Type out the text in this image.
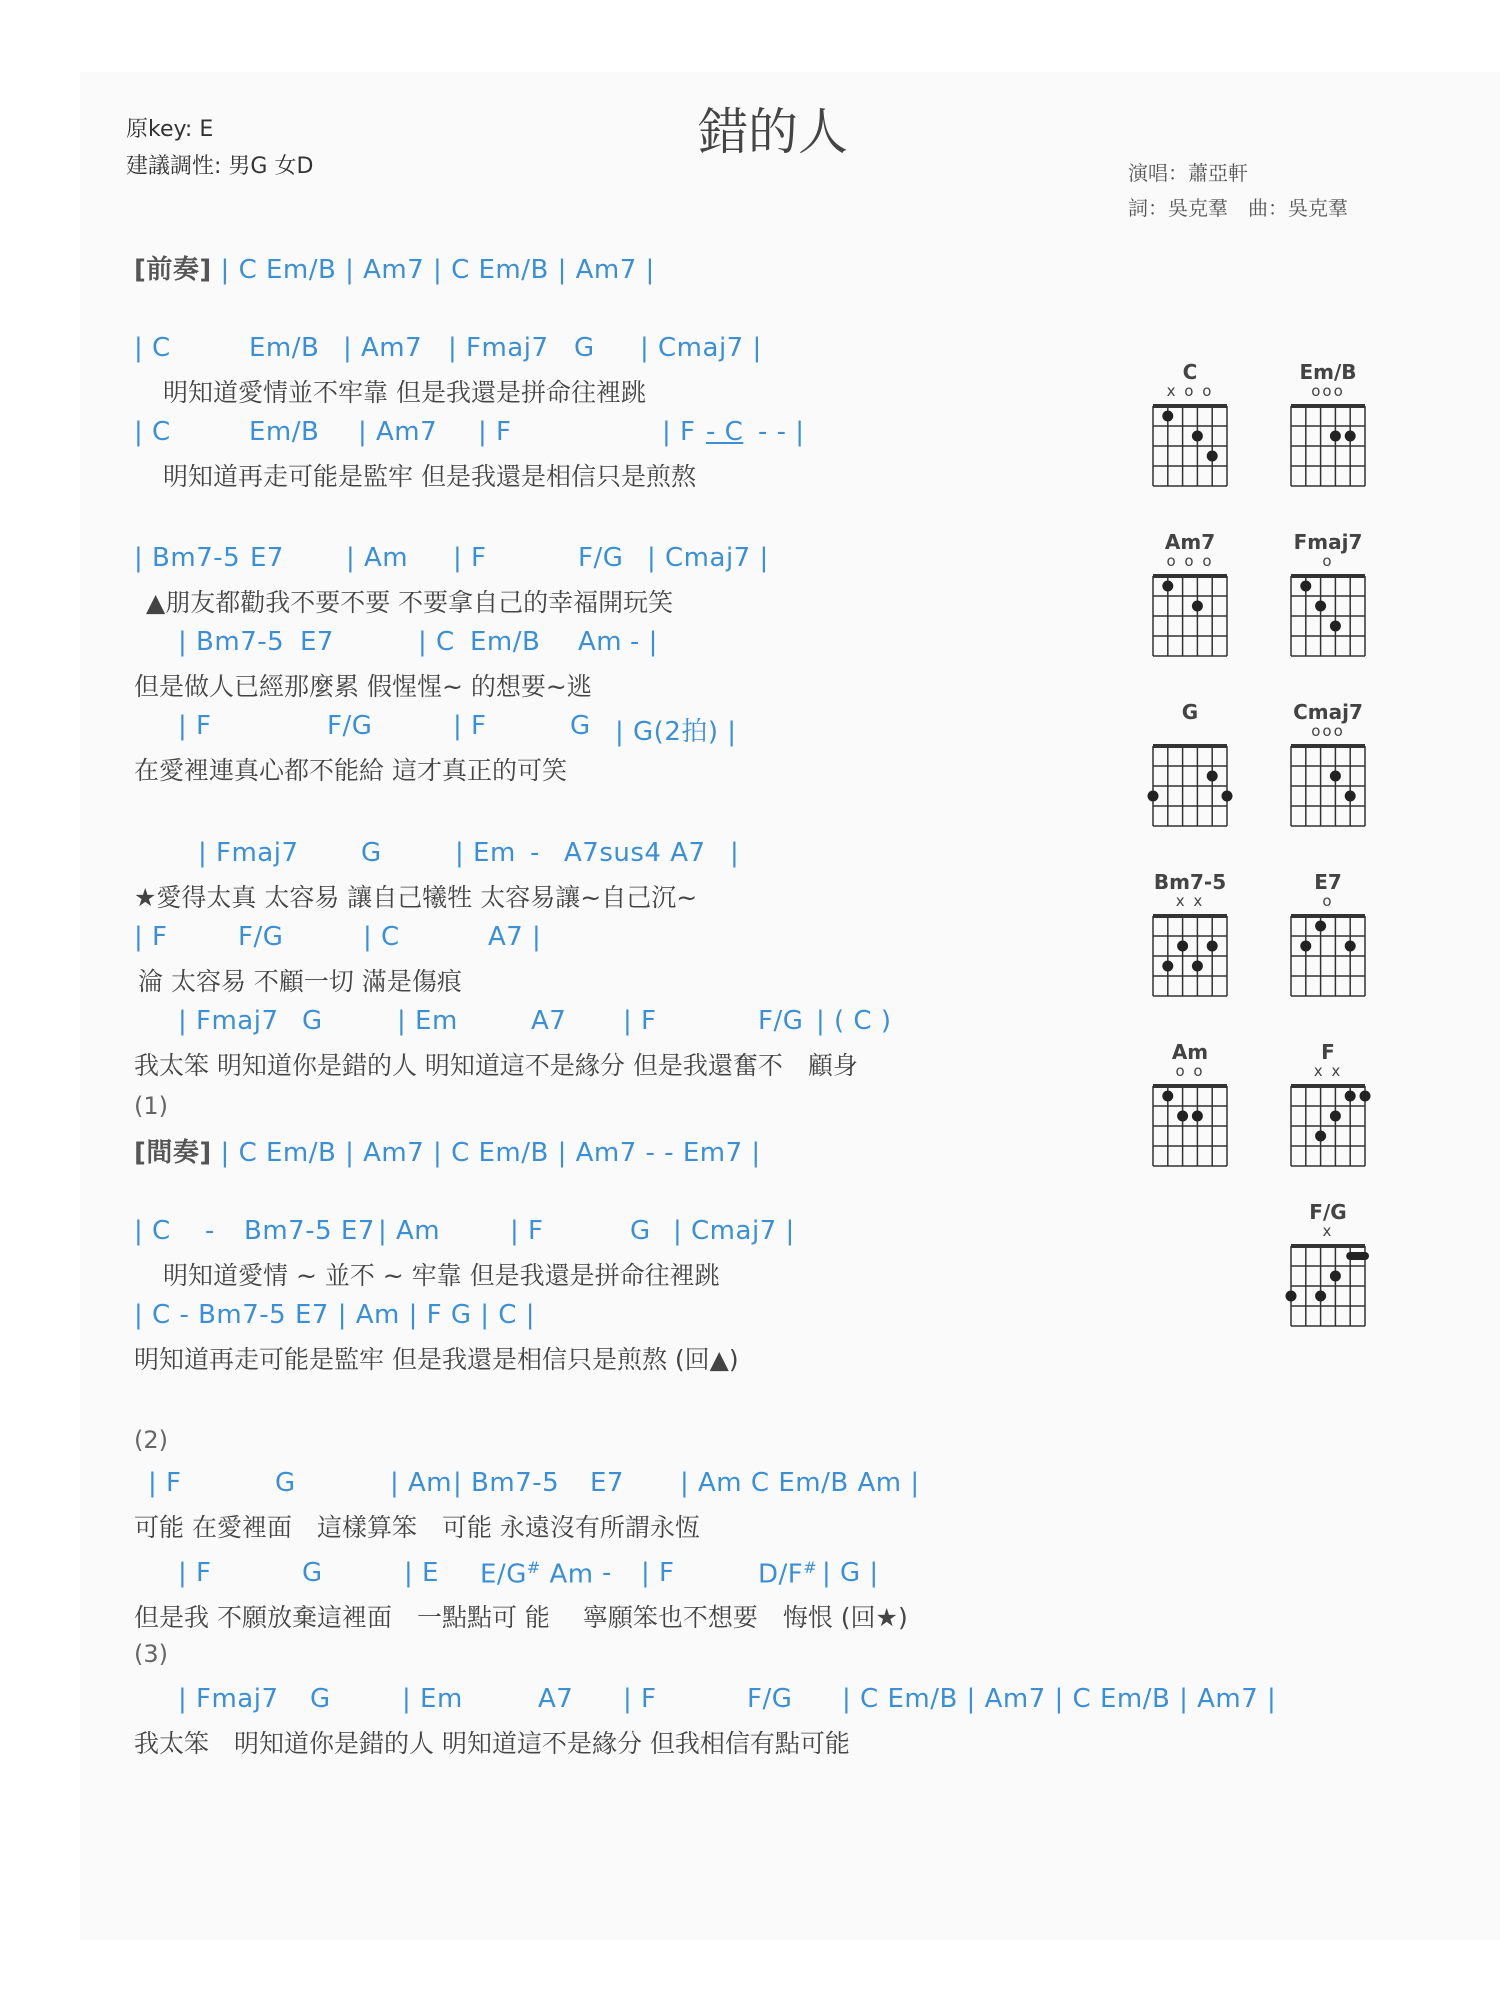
原key: E
建議調性: 男G 女D
錯的人
演唱：蕭亞軒
詞：吳克羣　曲：吳克羣
[前奏] | C Em/B | Am7 | C Em/B | Am7 |
| C	Em/B | Am7 | Fmaj7 G | Cmaj7 |
明知道愛情並不牢靠 但是我還是拼命往裡跳
| C	Em/B | Am7 | F	| F - C - - |
明知道再走可能是監牢 但是我還是相信只是煎熬
| Bm7-5 E7 | Am | F	F/G | Cmaj7 |
▲朋友都勸我不要不要 不要拿自己的幸福開玩笑
| Bm7-5 E7	| C Em/B Am - |
但是做人已經那麼累 假惺惺~ 的想要~逃
| F	F/G	| F	G | G(2拍) |
在愛裡連真心都不能給 這才真正的可笑
| Fmaj7 G	| Em - A7sus4 A7 |
★愛得太真 太容易 讓自己犧牲 太容易讓~自己沉~
| F	F/G	| C	A7 |
淪 太容易 不顧一切 滿是傷痕
| Fmaj7 G	| Em	A7 | F	F/G | ( C )
我太笨 明知道你是錯的人 明知道這不是緣分 但是我還奮不　顧身
(1)
[間奏] | C Em/B | Am7 | C Em/B | Am7 - - Em7 |
| C - Bm7-5 E7 | Am	| F	G | Cmaj7 |
明知道愛情 ~ 並不 ~ 牢靠 但是我還是拼命往裡跳
| C - Bm7-5 E7 | Am | F G | C |
明知道再走可能是監牢 但是我還是相信只是煎熬 (回▲)
(2)
| F	G	| Am | Bm7-5 E7 | Am C Em/B Am |
可能 在愛裡面　這樣算笨　可能 永遠沒有所謂永恆
| F	G	| E E/G# Am - | F	D/F# | G |
但是我 不願放棄這裡面　一點點可 能　 寧願笨也不想要　悔恨 (回★)
(3)
| Fmaj7 G	| Em	A7 | F	F/G | C Em/B | Am7 | C Em/B | Am7 |
我太笨　明知道你是錯的人 明知道這不是緣分 但我相信有點可能
C
x o o
Em/B
ooo
Am7
o o o
Fmaj7
o
G	Cmaj7
ooo
Bm7-5
x x
E7
o
Am
o o
F
x x
F/G
x
